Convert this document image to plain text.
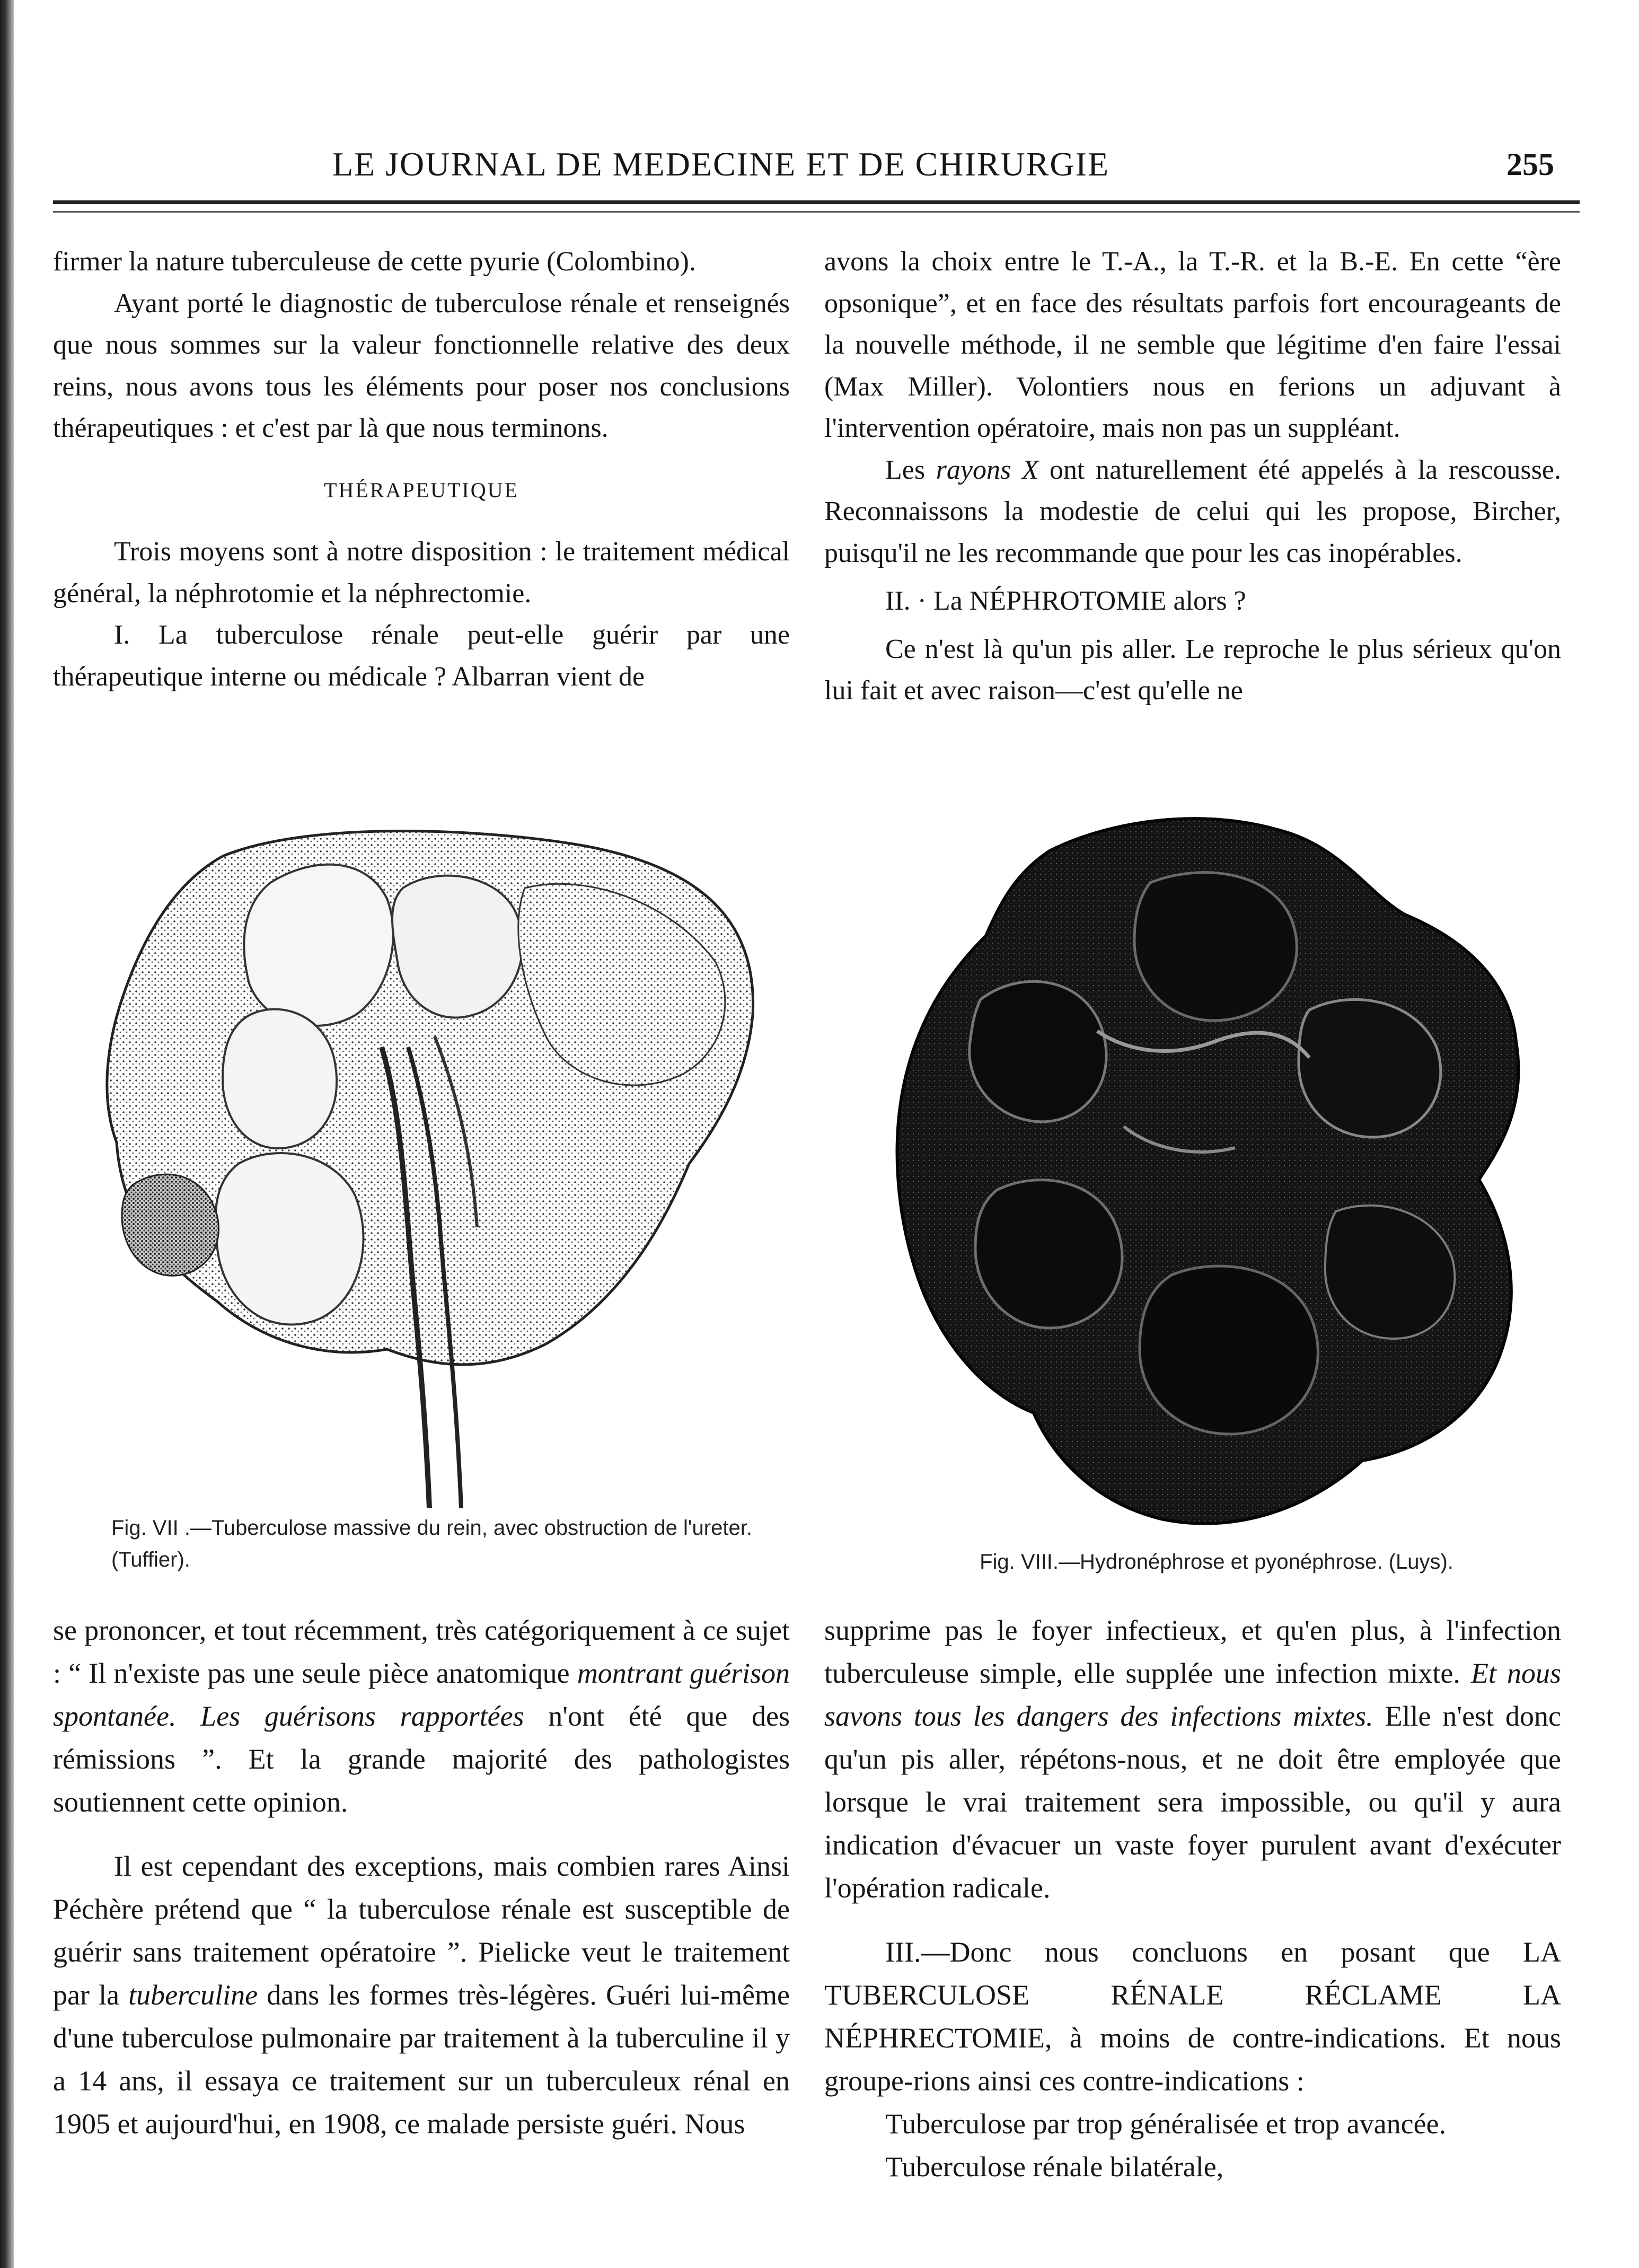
LE JOURNAL DE MEDECINE ET DE CHIRURGIE	255

firmer la nature tuberculeuse de cette pyurie (Colombino).

Ayant porté le diagnostic de tuberculose rénale et renseignés que nous sommes sur la valeur fonctionnelle relative des deux reins, nous avons tous les éléments pour poser nos conclusions thérapeutiques : et c'est par là que nous terminons.

THÉRAPEUTIQUE

Trois moyens sont à notre disposition : le traitement médical général, la néphrotomie et la néphrectomie.

I. La tuberculose rénale peut-elle guérir par une thérapeutique interne ou médicale ? Albarran vient de

avons la choix entre le T.-A., la T.-R. et la B.-E. En cette “ère opsonique”, et en face des résultats parfois fort encourageants de la nouvelle méthode, il ne semble que légitime d'en faire l'essai (Max Miller). Volontiers nous en ferions un adjuvant à l'intervention opératoire, mais non pas un suppléant.

Les rayons X ont naturellement été appelés à la rescousse. Reconnaissons la modestie de celui qui les propose, Bircher, puisqu'il ne les recommande que pour les cas inopérables.

II. · La NÉPHROTOMIE alors ?

Ce n'est là qu'un pis aller. Le reproche le plus sérieux qu'on lui fait et avec raison—c'est qu'elle ne

Fig. VII .—Tuberculose massive du rein, avec obstruction de l'ureter. (Tuffier).	Fig. VIII.—Hydronéphrose et pyonéphrose. (Luys).

se prononcer, et tout récemment, très catégoriquement à ce sujet : “ Il n'existe pas une seule pièce anatomique montrant guérison spontanée. Les guérisons rapportées n'ont été que des rémissions ”. Et la grande majorité des pathologistes soutiennent cette opinion.

Il est cependant des exceptions, mais combien rares Ainsi Péchère prétend que “ la tuberculose rénale est susceptible de guérir sans traitement opératoire ”. Pielicke veut le traitement par la tuberculine dans les formes très-légères. Guéri lui-même d'une tuberculose pulmonaire par traitement à la tuberculine il y a 14 ans, il essaya ce traitement sur un tuberculeux rénal en 1905 et aujourd'hui, en 1908, ce malade persiste guéri. Nous

supprime pas le foyer infectieux, et qu'en plus, à l'infection tuberculeuse simple, elle supplée une infection mixte. Et nous savons tous les dangers des infections mixtes. Elle n'est donc qu'un pis aller, répétons-nous, et ne doit être employée que lorsque le vrai traitement sera impossible, ou qu'il y aura indication d'évacuer un vaste foyer purulent avant d'exécuter l'opération radicale.

III.—Donc nous concluons en posant que LA TUBERCULOSE RÉNALE RÉCLAME LA NÉPHRECTOMIE, à moins de contre-indications. Et nous groupe-rions ainsi ces contre-indications :

Tuberculose par trop généralisée et trop avancée.

Tuberculose rénale bilatérale,
